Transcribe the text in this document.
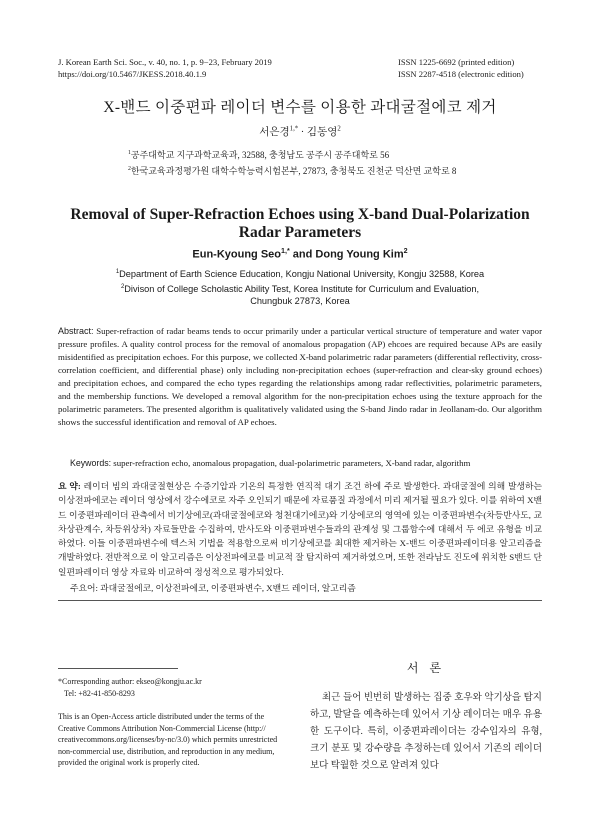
J. Korean Earth Sci. Soc., v. 40, no. 1, p. 9−23, February 2019
https://doi.org/10.5467/JKESS.2018.40.1.9
ISSN 1225-6692 (printed edition)
ISSN 2287-4518 (electronic edition)
X-밴드 이중편파 레이더 변수를 이용한 과대굴절에코 제거
서은경$^{1,*}$ · 김동영$^2$
$^1$공주대학교 지구과학교육과, 32588, 충청남도 공주시 공주대학로 56
$^2$한국교육과정평가원 대학수학능력시험본부, 27873, 충청북도 진천군 덕산면 교학로 8
Removal of Super-Refraction Echoes using X-band Dual-Polarization
Radar Parameters
Eun-Kyoung Seo$^{1,*}$ and Dong Young Kim$^2$
$^1$Department of Earth Science Education, Kongju National University, Kongju 32588, Korea
$^2$Divison of College Scholastic Ability Test, Korea Institute for Curriculum and Evaluation,
Chungbuk 27873, Korea
Abstract: Super-refraction of radar beams tends to occur primarily under a particular vertical structure of temperature and water vapor pressure profiles. A quality control process for the removal of anomalous propagation (AP) ehcoes are required because APs are easily misidentified as precipitation echoes. For this purpose, we collected X-band polarimetric radar parameters (differential reflectivity, cross-correlation coefficient, and differential phase) only including non-precipitation echoes (super-refraction and clear-sky ground echoes) and precipitation echoes, and compared the echo types regarding the relationships among radar reflectivities, polarimetric parameters, and the membership functions. We developed a removal algorithm for the non-precipitation echoes using the texture approach for the polarimetric parameters. The presented algorithm is qualitatively validated using the S-band Jindo radar in Jeollanam-do. Our algorithm shows the successful identification and removal of AP echoes.
Keywords: super-refraction echo, anomalous propagation, dual-polarimetric parameters, X-band radar, algorithm
요 약: 레이더 빔의 과대굴절현상은 수증기압과 기온의 특정한 연직적 대기 조건 하에 주로 발생한다. 과대굴절에 의해 발생하는 이상전파에코는 레이더 영상에서 강수에코로 자주 오인되기 때문에 자료품질 과정에서 미리 제거될 필요가 있다. 이를 위하여 X밴드 이중편파레이더 관측에서 비기상에코(과대굴절에코와 청천대기에코)와 기상에코의 영역에 있는 이중편파변수(차등반사도, 교차상관계수, 차등위상차) 자료들만을 수집하여, 반사도와 이중편파변수들과의 관계성 및 그룹함수에 대해서 두 에코 유형을 비교하였다. 이들 이중편파변수에 텍스처 기법을 적용함으로써 비기상에코를 최대한 제거하는 X-밴드 이중편파레이더용 알고리즘을 개발하였다. 전반적으로 이 알고리즘은 이상전파에코를 비교적 잘 탐지하여 제거하였으며, 또한 전라남도 진도에 위치한 S밴드 단일편파레이더 영상 자료와 비교하여 정성적으로 평가되었다.
주요어: 과대굴절에코, 이상전파에코, 이중편파변수, X밴드 레이더, 알고리즘
*Corresponding author: ekseo@kongju.ac.kr
Tel: +82-41-850-8293
This is an Open-Access article distributed under the terms of the
Creative Commons Attribution Non-Commercial License (http://
creativecommons.org/licenses/by-nc/3.0) which permits unrestricted
non-commercial use, distribution, and reproduction in any medium,
provided the original work is properly cited.
서 론
최근 들어 빈번히 발생하는 집중 호우와 악기상을 탐지하고, 발달을 예측하는데 있어서 기상 레이더는 매우 유용한 도구이다. 특히, 이중편파레이더는 강수입자의 유형, 크기 분포 및 강수량을 추정하는데 있어서 기존의 레이더보다 탁월한 것으로 알려져 있다
